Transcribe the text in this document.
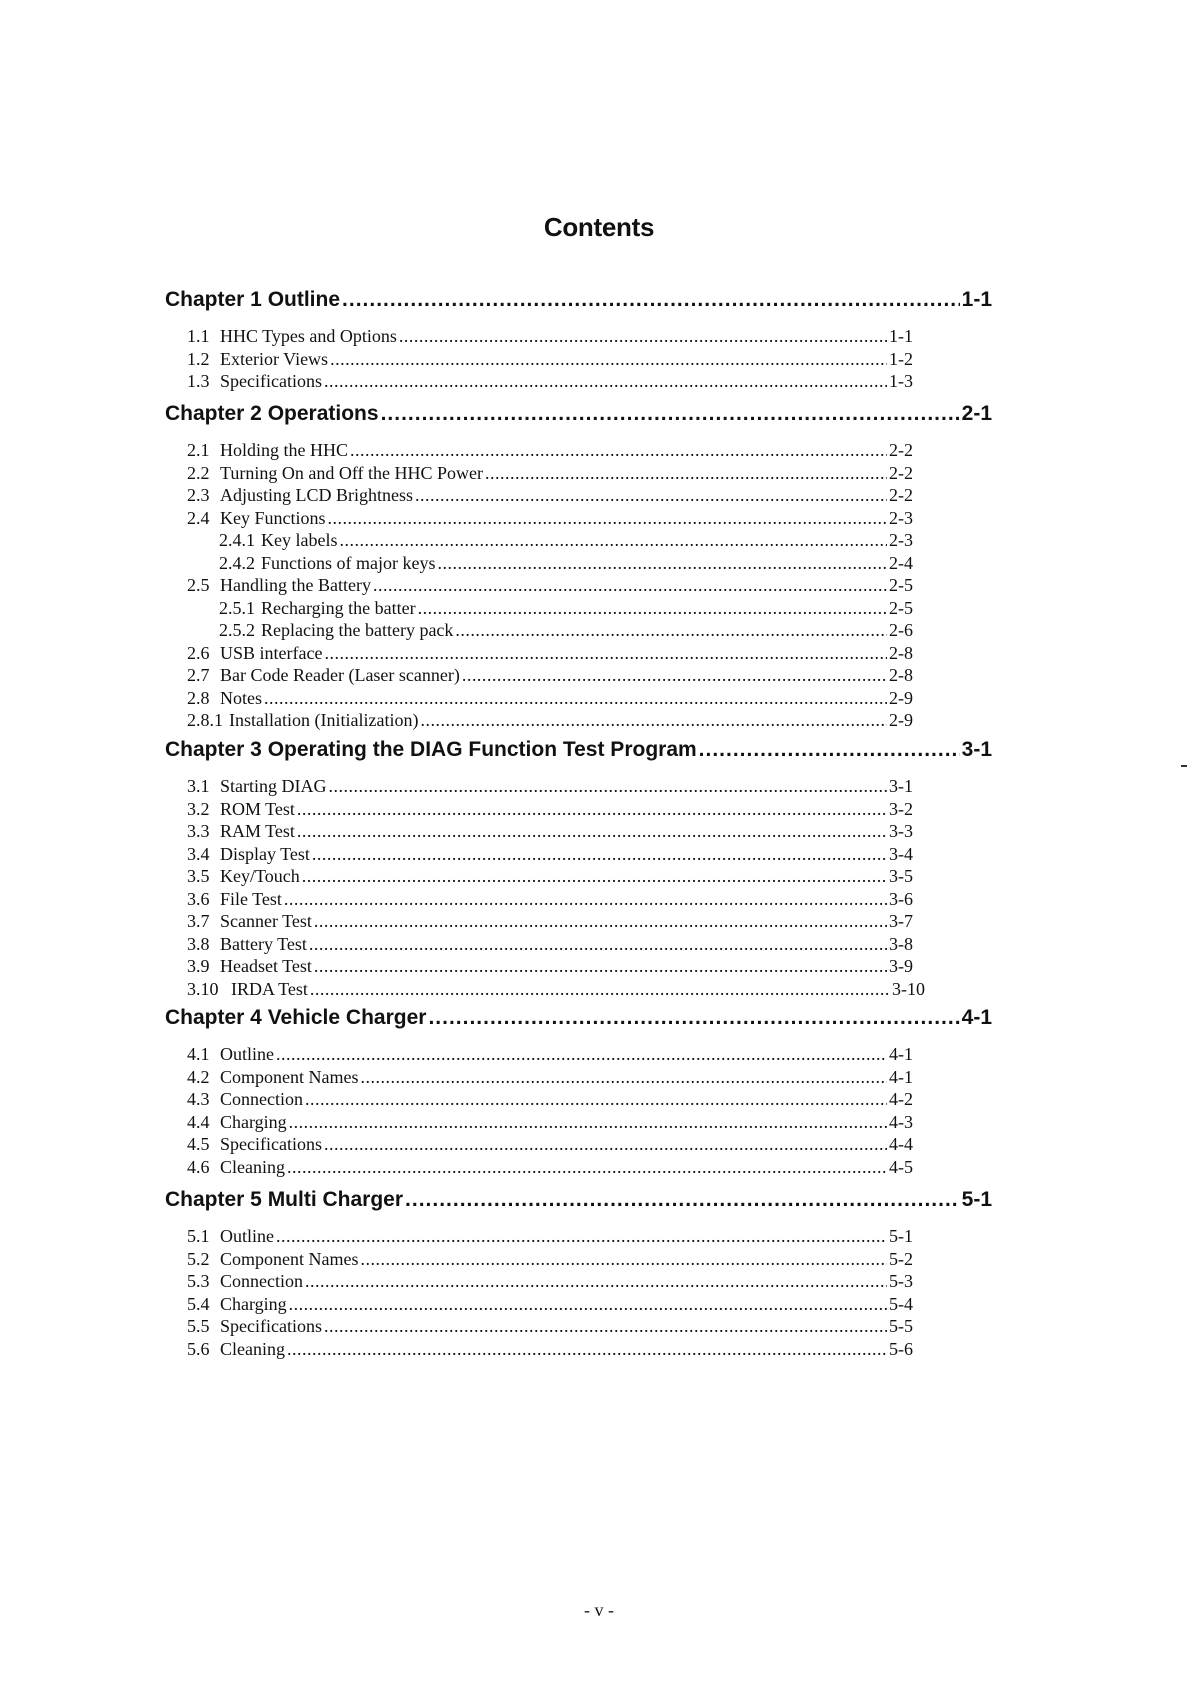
Contents
Chapter 1 Outline .....	1-1
1.1 HHC Types and Options .....	1-1
1.2 Exterior Views .....	1-2
1.3 Specifications .....	1-3
Chapter 2 Operations .....	2-1
2.1 Holding the HHC .....	2-2
2.2 Turning On and Off the HHC Power .....	2-2
2.3 Adjusting LCD Brightness .....	2-2
2.4 Key Functions .....	2-3
2.4.1 Key labels .....	2-3
2.4.2 Functions of major keys .....	2-4
2.5 Handling the Battery .....	2-5
2.5.1 Recharging the batter .....	2-5
2.5.2 Replacing the battery pack .....	2-6
2.6 USB interface .....	2-8
2.7 Bar Code Reader (Laser scanner) .....	2-8
2.8 Notes .....	2-9
2.8.1 Installation (Initialization) .....	2-9
Chapter 3 Operating the DIAG Function Test Program .....	3-1
3.1 Starting DIAG .....	3-1
3.2 ROM Test .....	3-2
3.3 RAM Test .....	3-3
3.4 Display Test .....	3-4
3.5 Key/Touch .....	3-5
3.6 File Test .....	3-6
3.7 Scanner Test .....	3-7
3.8 Battery Test .....	3-8
3.9 Headset Test .....	3-9
3.10 IRDA Test .....	3-10
Chapter 4 Vehicle Charger .....	4-1
4.1 Outline .....	4-1
4.2 Component Names .....	4-1
4.3 Connection .....	4-2
4.4 Charging .....	4-3
4.5 Specifications .....	4-4
4.6 Cleaning .....	4-5
Chapter 5 Multi Charger .....	5-1
5.1 Outline .....	5-1
5.2 Component Names .....	5-2
5.3 Connection .....	5-3
5.4 Charging .....	5-4
5.5 Specifications .....	5-5
5.6 Cleaning .....	5-6
- v -
